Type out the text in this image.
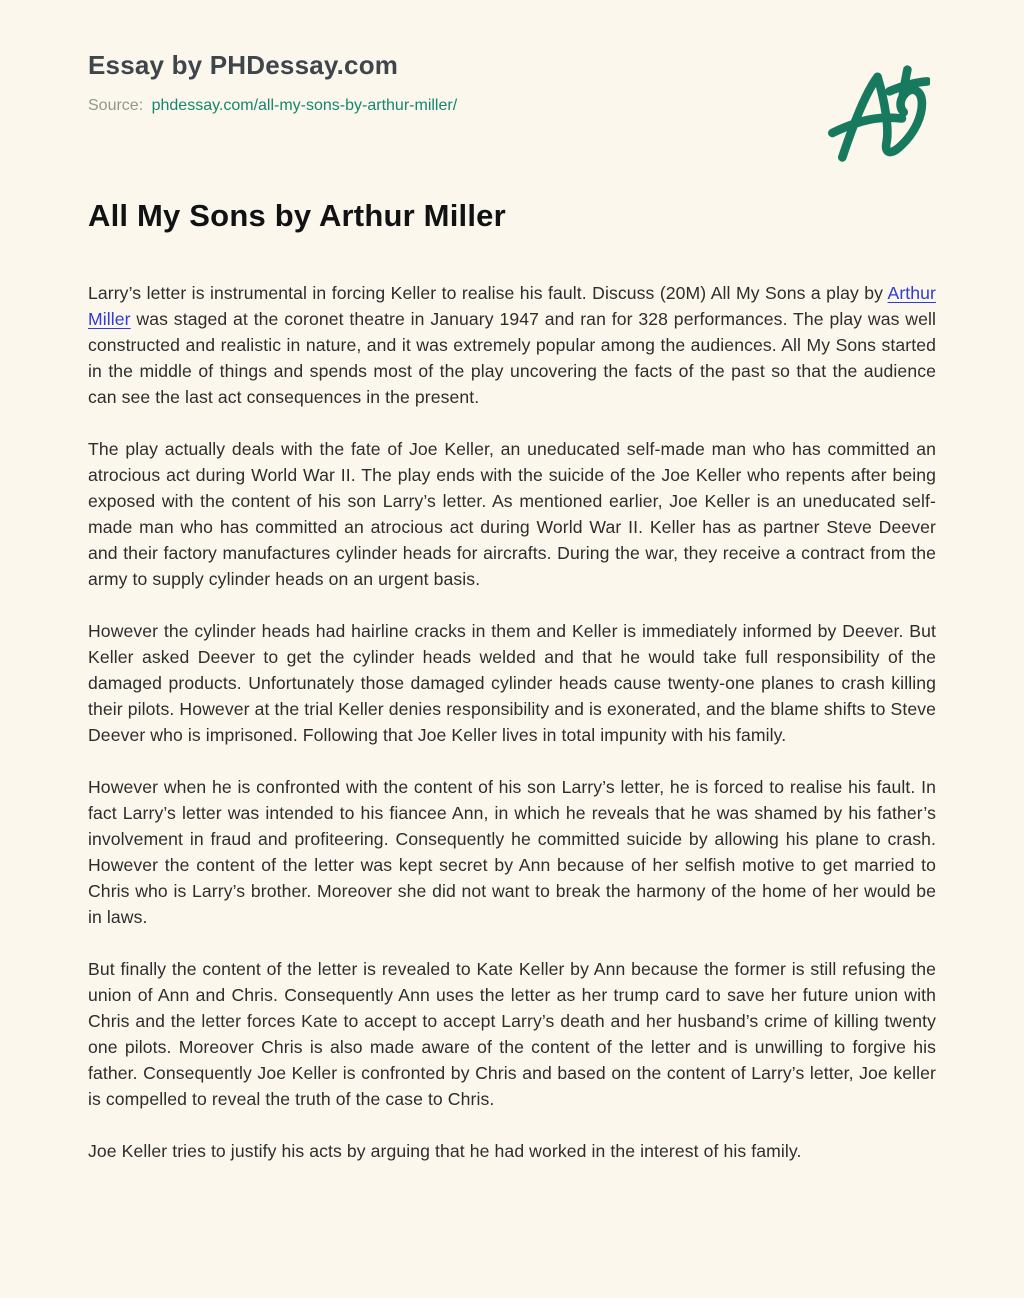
Essay by PHDessay.com
Source: phdessay.com/all-my-sons-by-arthur-miller/
All My Sons by Arthur Miller

Larry’s letter is instrumental in forcing Keller to realise his fault. Discuss (20M) All My Sons a play by Arthur Miller was staged at the coronet theatre in January 1947 and ran for 328 performances. The play was well constructed and realistic in nature, and it was extremely popular among the audiences. All My Sons started in the middle of things and spends most of the play uncovering the facts of the past so that the audience can see the last act consequences in the present.

The play actually deals with the fate of Joe Keller, an uneducated self-made man who has committed an atrocious act during World War II. The play ends with the suicide of the Joe Keller who repents after being exposed with the content of his son Larry’s letter. As mentioned earlier, Joe Keller is an uneducated self-made man who has committed an atrocious act during World War II. Keller has as partner Steve Deever and their factory manufactures cylinder heads for aircrafts. During the war, they receive a contract from the army to supply cylinder heads on an urgent basis.

However the cylinder heads had hairline cracks in them and Keller is immediately informed by Deever. But Keller asked Deever to get the cylinder heads welded and that he would take full responsibility of the damaged products. Unfortunately those damaged cylinder heads cause twenty-one planes to crash killing their pilots. However at the trial Keller denies responsibility and is exonerated, and the blame shifts to Steve Deever who is imprisoned. Following that Joe Keller lives in total impunity with his family.

However when he is confronted with the content of his son Larry’s letter, he is forced to realise his fault. In fact Larry’s letter was intended to his fiancee Ann, in which he reveals that he was shamed by his father’s involvement in fraud and profiteering. Consequently he committed suicide by allowing his plane to crash. However the content of the letter was kept secret by Ann because of her selfish motive to get married to Chris who is Larry’s brother. Moreover she did not want to break the harmony of the home of her would be in laws.

But finally the content of the letter is revealed to Kate Keller by Ann because the former is still refusing the union of Ann and Chris. Consequently Ann uses the letter as her trump card to save her future union with Chris and the letter forces Kate to accept to accept Larry’s death and her husband’s crime of killing twenty one pilots. Moreover Chris is also made aware of the content of the letter and is unwilling to forgive his father. Consequently Joe Keller is confronted by Chris and based on the content of Larry’s letter, Joe keller is compelled to reveal the truth of the case to Chris.

Joe Keller tries to justify his acts by arguing that he had worked in the interest of his family.
